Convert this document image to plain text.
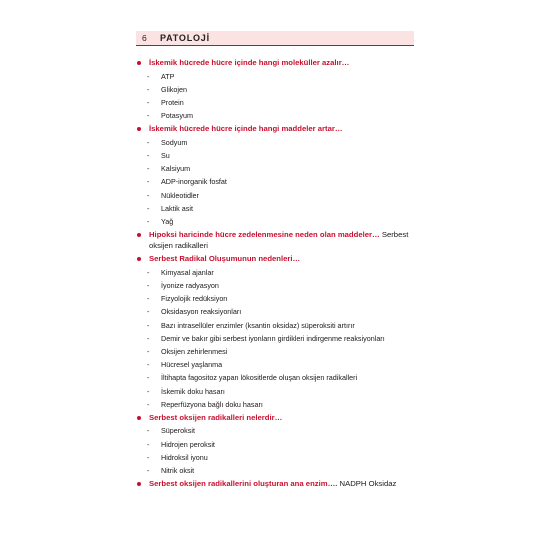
6	PATOLOJİ
İskemik hücrede hücre içinde hangi moleküller azalır…
- ATP
- Glikojen
- Protein
- Potasyum
İskemik hücrede hücre içinde hangi maddeler artar…
- Sodyum
- Su
- Kalsiyum
- ADP-inorganik fosfat
- Nükleotidler
- Laktik asit
- Yağ
Hipoksi haricinde hücre zedelenmesine neden olan maddeler… Serbest oksijen radikalleri
Serbest Radikal Oluşumunun nedenleri…
- Kimyasal ajanlar
- İyonize radyasyon
- Fizyolojik redüksiyon
- Oksidasyon reaksiyonları
- Bazı intrasellüler enzimler (ksantin oksidaz) süperoksiti artırır
- Demir ve bakır gibi serbest iyonların girdikleri indirgenme reaksiyonları
- Oksijen zehirlenmesi
- Hücresel yaşlanma
- İltihapta fagositoz yapan lökositlerde oluşan oksijen radikalleri
- İskemik doku hasarı
- Reperfüzyona bağlı doku hasarı
Serbest oksijen radikalleri nelerdir…
- Süperoksit
- Hidrojen peroksit
- Hidroksil iyonu
- Nitrik oksit
Serbest oksijen radikallerini oluşturan ana enzim…. NADPH Oksidaz
